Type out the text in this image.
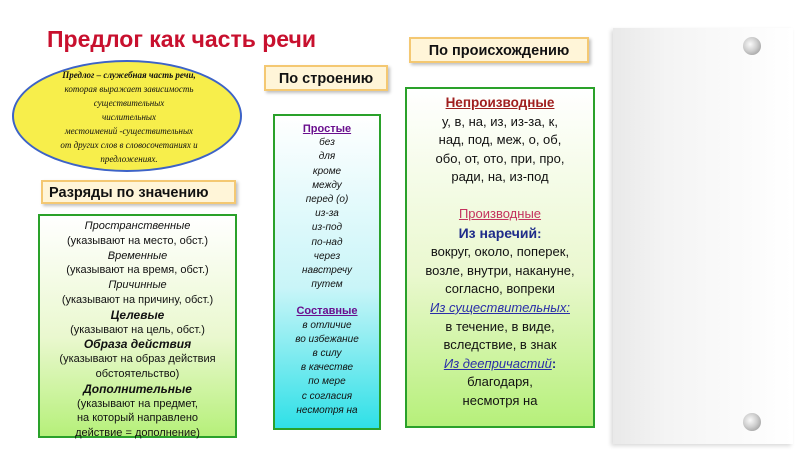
Предлог как часть речи
Предлог – служебная часть речи,
которая выражает зависимость
существительных
числительных
местоимений -существительных
от других слов в словосочетаниях и
предложениях.
По строению
По происхождению
Разряды по значению
Пространственные
(указывают на место, обст.)
Временные
(указывают на время, обст.)
Причинные
(указывают на причину, обст.)
Целевые
(указывают на цель, обст.)
Образа действия
(указывают на образ действия
обстоятельство)
Дополнительные
(указывают на предмет,
на который направлено
действие = дополнение)
Простые
без
для
кроме
между
перед (о)
из-за
из-под
по-над
через
навстречу
путем
Составные
в отличие
во избежание
в силу
в качестве
по мере
с согласия
несмотря на
Непроизводные
у, в, на, из, из-за, к,
над, под, меж, о, об,
обо, от, ото, при, про,
ради, на, из-под
Производные
Из наречий:
вокруг, около, поперек,
возле, внутри, накануне,
согласно, вопреки
Из существительных:
в течение, в виде,
вследствие, в знак
Из деепричастий:
благодаря,
несмотря на
